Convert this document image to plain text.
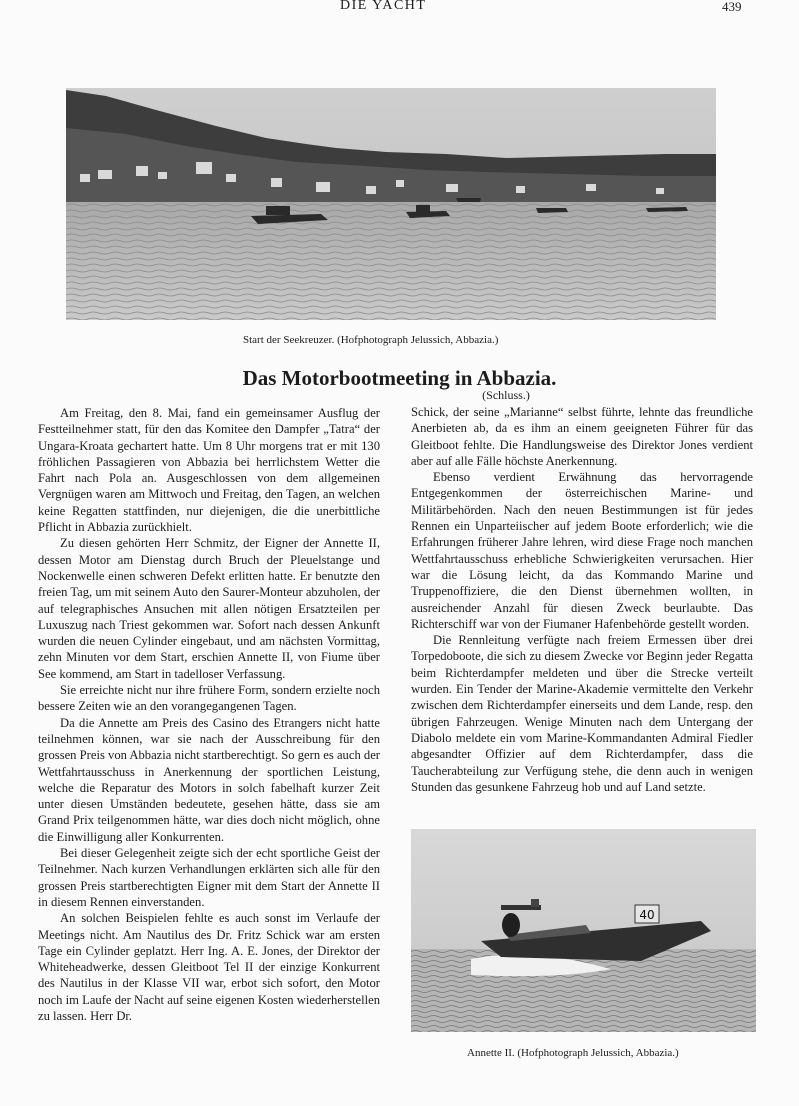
DIE YACHT	439
Start der Seekreuzer. (Hofphotograph Jelussich, Abbazia.)
Das Motorbootmeeting in Abbazia.
(Schluss.)

Am Freitag, den 8. Mai, fand ein gemeinsamer Ausflug der Festteilnehmer statt, für den das Komitee den Dampfer „Tatra“ der Ungara-Kroata gechartert hatte. Um 8 Uhr morgens trat er mit 130 fröhlichen Passagieren von Abbazia bei herrlichstem Wetter die Fahrt nach Pola an. Ausgeschlossen von dem allgemeinen Vergnügen waren am Mittwoch und Freitag, den Tagen, an welchen keine Regatten stattfinden, nur diejenigen, die die unerbittliche Pflicht in Abbazia zurückhielt.

Zu diesen gehörten Herr Schmitz, der Eigner der Annette II, dessen Motor am Dienstag durch Bruch der Pleuelstange und Nockenwelle einen schweren Defekt erlitten hatte. Er benutzte den freien Tag, um mit seinem Auto den Saurer-Monteur abzuholen, der auf telegraphisches Ansuchen mit allen nötigen Ersatzteilen per Luxuszug nach Triest gekommen war. Sofort nach dessen Ankunft wurden die neuen Cylinder eingebaut, und am nächsten Vormittag, zehn Minuten vor dem Start, erschien Annette II, von Fiume über See kommend, am Start in tadelloser Verfassung.

Sie erreichte nicht nur ihre frühere Form, sondern erzielte noch bessere Zeiten wie an den vorangegangenen Tagen.

Da die Annette am Preis des Casino des Etrangers nicht hatte teilnehmen können, war sie nach der Ausschreibung für den grossen Preis von Abbazia nicht startberechtigt. So gern es auch der Wettfahrtausschuss in Anerkennung der sportlichen Leistung, welche die Reparatur des Motors in solch fabelhaft kurzer Zeit unter diesen Umständen bedeutete, gesehen hätte, dass sie am Grand Prix teilgenommen hätte, war dies doch nicht möglich, ohne die Einwilligung aller Konkurrenten.

Bei dieser Gelegenheit zeigte sich der echt sportliche Geist der Teilnehmer. Nach kurzen Verhandlungen erklärten sich alle für den grossen Preis startberechtigten Eigner mit dem Start der Annette II in diesem Rennen einverstanden.

An solchen Beispielen fehlte es auch sonst im Verlaufe der Meetings nicht. Am Nautilus des Dr. Fritz Schick war am ersten Tage ein Cylinder geplatzt. Herr Ing. A. E. Jones, der Direktor der Whiteheadwerke, dessen Gleitboot Tel II der einzige Konkurrent des Nautilus in der Klasse VII war, erbot sich sofort, den Motor noch im Laufe der Nacht auf seine eigenen Kosten wiederherstellen zu lassen. Herr Dr.

Schick, der seine „Marianne“ selbst führte, lehnte das freundliche Anerbieten ab, da es ihm an einem geeigneten Führer für das Gleitboot fehlte. Die Handlungsweise des Direktor Jones verdient aber auf alle Fälle höchste Anerkennung.

Ebenso verdient Erwähnung das hervorragende Entgegenkommen der österreichischen Marine- und Militärbehörden. Nach den neuen Bestimmungen ist für jedes Rennen ein Unparteiischer auf jedem Boote erforderlich; wie die Erfahrungen früherer Jahre lehren, wird diese Frage noch manchen Wettfahrtausschuss erhebliche Schwierigkeiten verursachen. Hier war die Lösung leicht, da das Kommando Marine und Truppenoffiziere, die den Dienst übernehmen wollten, in ausreichender Anzahl für diesen Zweck beurlaubte. Das Richterschiff war von der Fiumaner Hafenbehörde gestellt worden.

Die Rennleitung verfügte nach freiem Ermessen über drei Torpedoboote, die sich zu diesem Zwecke vor Beginn jeder Regatta beim Richterdampfer meldeten und über die Strecke verteilt wurden. Ein Tender der Marine-Akademie vermittelte den Verkehr zwischen dem Richterdampfer einerseits und dem Lande, resp. den übrigen Fahrzeugen. Wenige Minuten nach dem Untergang der Diabolo meldete ein vom Marine-Kommandanten Admiral Fiedler abgesandter Offizier auf dem Richterdampfer, dass die Taucherabteilung zur Verfügung stehe, die denn auch in wenigen Stunden das gesunkene Fahrzeug hob und auf Land setzte.

40
Annette II. (Hofphotograph Jelussich, Abbazia.)
